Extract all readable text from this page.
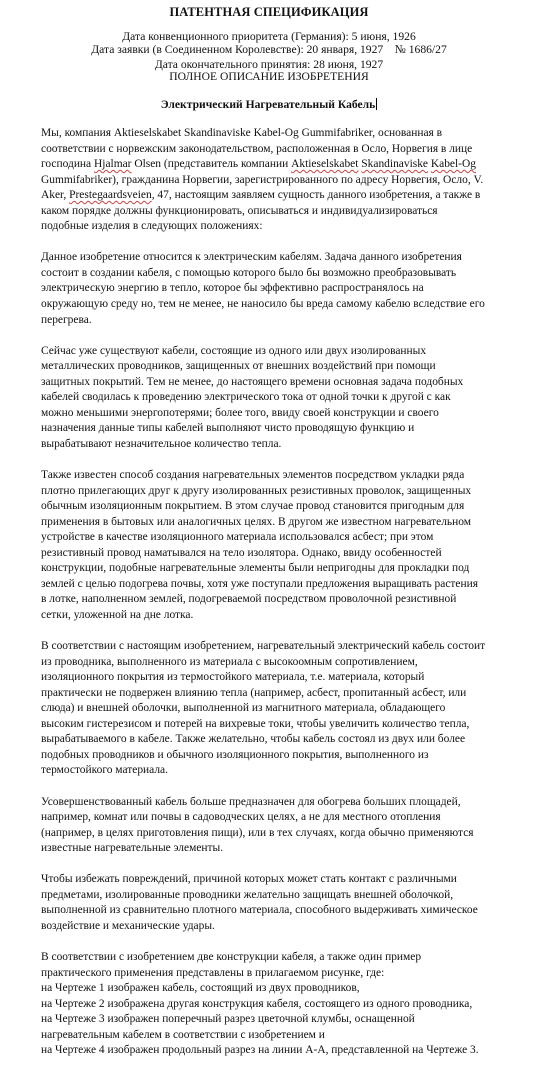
ПАТЕНТНАЯ СПЕЦИФИКАЦИЯ
Дата конвенционного приоритета (Германия): 5 июня, 1926
Дата заявки (в Соединенном Королевстве): 20 января, 1927    № 1686/27
Дата окончательного принятия: 28 июня, 1927
ПОЛНОЕ ОПИСАНИЕ ИЗОБРЕТЕНИЯ
Электрический Нагревательный Кабель
Мы, компания Aktieselskabet Skandinaviske Kabel-Og Gummifabriker, основанная в
соответствии с норвежским законодательством, расположенная в Осло, Норвегия в лице
господина Hjalmar Olsen (представитель компании Aktieselskabet Skandinaviske Kabel-Og
Gummifabriker), гражданина Норвегии, зарегистрированного по адресу Норвегия, Осло, V.
Aker, Prestegaardsveien, 47, настоящим заявляем сущность данного изобретения, а также в
каком порядке должны функционировать, описываться и индивидуализироваться
подобные изделия в следующих положениях:
Данное изобретение относится к электрическим кабелям. Задача данного изобретения
состоит в создании кабеля, с помощью которого было бы возможно преобразовывать
электрическую энергию в тепло, которое бы эффективно распространялось на
окружающую среду но, тем не менее, не наносило бы вреда самому кабелю вследствие его
перегрева.
Сейчас уже существуют кабели, состоящие из одного или двух изолированных
металлических проводников, защищенных от внешних воздействий при помощи
защитных покрытий. Тем не менее, до настоящего времени основная задача подобных
кабелей сводилась к проведению электрического тока от одной точки к другой с как
можно меньшими энергопотерями; более того, ввиду своей конструкции и своего
назначения данные типы кабелей выполняют чисто проводящую функцию и
вырабатывают незначительное количество тепла.
Также известен способ создания нагревательных элементов посредством укладки ряда
плотно прилегающих друг к другу изолированных резистивных проволок, защищенных
обычным изоляционным покрытием. В этом случае провод становится пригодным для
применения в бытовых или аналогичных целях. В другом же известном нагревательном
устройстве в качестве изоляционного материала использовался асбест; при этом
резистивный провод наматывался на тело изолятора. Однако, ввиду особенностей
конструкции, подобные нагревательные элементы были непригодны для прокладки под
землей с целью подогрева почвы, хотя уже поступали предложения выращивать растения
в лотке, наполненном землей, подогреваемой посредством проволочной резистивной
сетки, уложенной на дне лотка.
В соответствии с настоящим изобретением, нагревательный электрический кабель состоит
из проводника, выполненного из материала с высокоомным сопротивлением,
изоляционного покрытия из термостойкого материала, т.е. материала, который
практически не подвержен влиянию тепла (например, асбест, пропитанный асбест, или
слюда) и внешней оболочки, выполненной из магнитного материала, обладающего
высоким гистерезисом и потерей на вихревые токи, чтобы увеличить количество тепла,
вырабатываемого в кабеле. Также желательно, чтобы кабель состоял из двух или более
подобных проводников и обычного изоляционного покрытия, выполненного из
термостойкого материала.
Усовершенствованный кабель больше предназначен для обогрева больших площадей,
например, комнат или почвы в садоводческих целях, а не для местного отопления
(например, в целях приготовления пищи), или в тех случаях, когда обычно применяются
известные нагревательные элементы.
Чтобы избежать повреждений, причиной которых может стать контакт с различными
предметами, изолированные проводники желательно защищать внешней оболочкой,
выполненной из сравнительно плотного материала, способного выдерживать химическое
воздействие и механические удары.
В соответствии с изобретением две конструкции кабеля, а также один пример
практического применения представлены в прилагаемом рисунке, где:
на Чертеже 1 изображен кабель, состоящий из двух проводников,
на Чертеже 2 изображена другая конструкция кабеля, состоящего из одного проводника,
на Чертеже 3 изображен поперечный разрез цветочной клумбы, оснащенной
нагревательным кабелем в соответствии с изобретением и
на Чертеже 4 изображен продольный разрез на линии А-А, представленной на Чертеже 3.
